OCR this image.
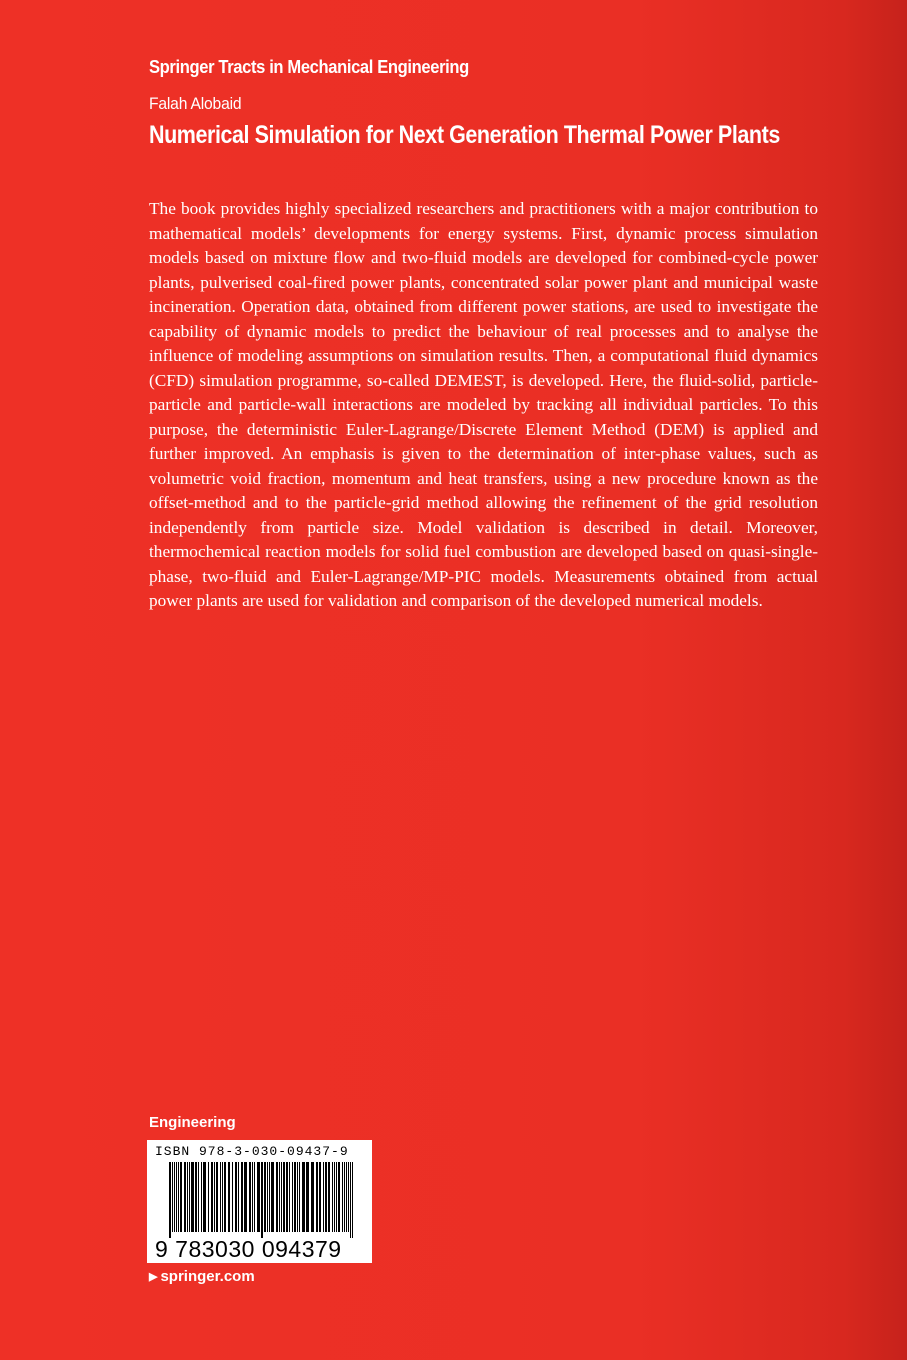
Springer Tracts in Mechanical Engineering
Falah Alobaid
Numerical Simulation for Next Generation Thermal Power Plants

The book provides highly specialized researchers and practitioners with a major contribution to mathematical models’ developments for energy systems. First, dynamic process simulation models based on mixture flow and two-fluid models are developed for combined-cycle power plants, pulverised coal-fired power plants, concentrated solar power plant and municipal waste incineration. Operation data, obtained from different power stations, are used to investigate the capability of dynamic models to predict the behaviour of real processes and to analyse the influence of modeling assumptions on simulation results. Then, a computational fluid dynamics (CFD) simulation programme, so-called DEMEST, is developed. Here, the fluid-solid, particle-particle and particle-wall interactions are modeled by tracking all individual particles. To this purpose, the deterministic Euler-Lagrange/Discrete Element Method (DEM) is applied and further improved. An emphasis is given to the determination of inter-phase values, such as volumetric void fraction, momentum and heat transfers, using a new procedure known as the offset-method and to the particle-grid method allowing the refinement of the grid resolution independently from particle size. Model validation is described in detail. Moreover, thermochemical reaction models for solid fuel combustion are developed based on quasi-single-phase, two-fluid and Euler-Lagrange/MP-PIC models. Measurements obtained from actual power plants are used for validation and comparison of the developed numerical models.

Engineering
ISBN 978-3-030-09437-9
9 783030 094379
▶ springer.com
